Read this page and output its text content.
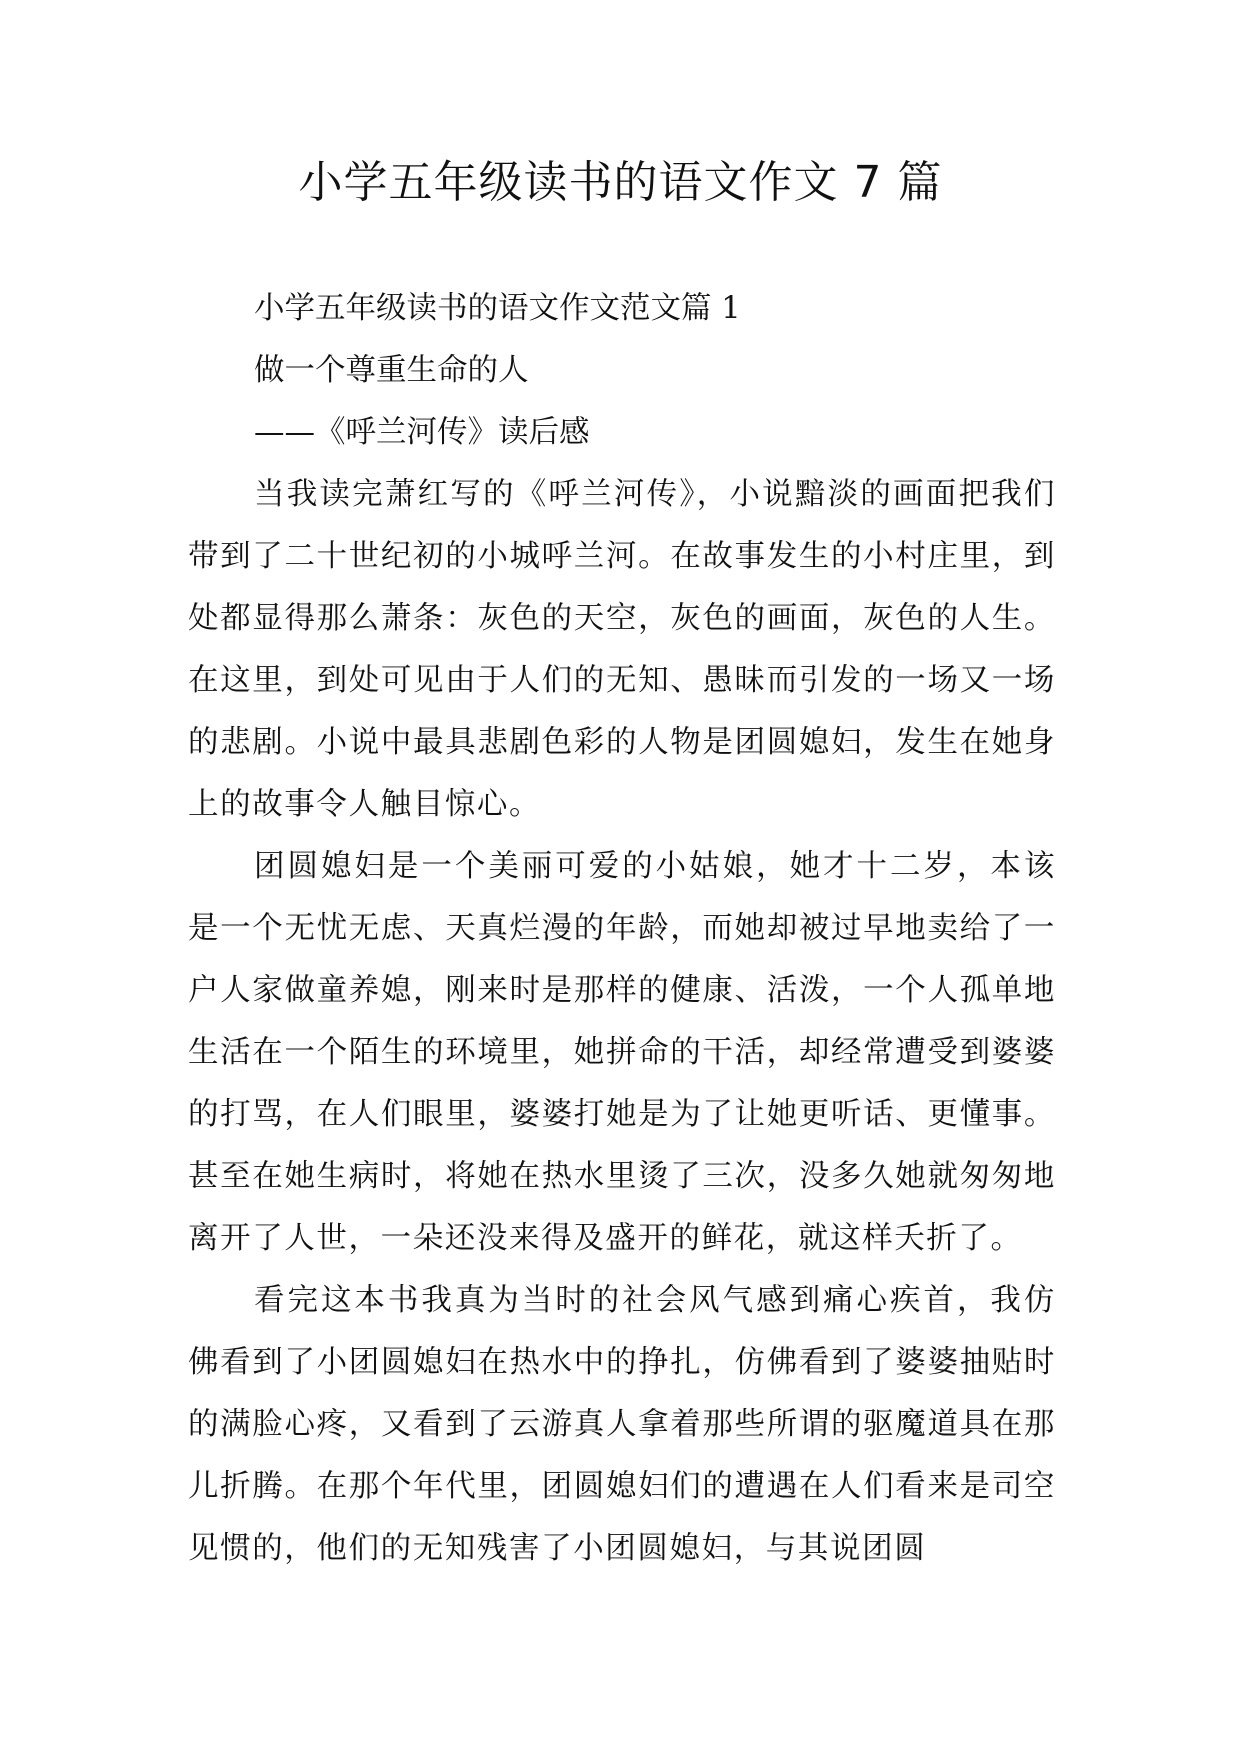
小学五年级读书的语文作文 7 篇

小学五年级读书的语文作文范文篇 1

做一个尊重生命的人

——《呼兰河传》读后感

当我读完萧红写的《呼兰河传》，小说黯淡的画面把我们带到了二十世纪初的小城呼兰河。在故事发生的小村庄里，到处都显得那么萧条：灰色的天空，灰色的画面，灰色的人生。在这里，到处可见由于人们的无知、愚昧而引发的一场又一场的悲剧。小说中最具悲剧色彩的人物是团圆媳妇，发生在她身上的故事令人触目惊心。

团圆媳妇是一个美丽可爱的小姑娘，她才十二岁，本该是一个无忧无虑、天真烂漫的年龄，而她却被过早地卖给了一户人家做童养媳，刚来时是那样的健康、活泼，一个人孤单地生活在一个陌生的环境里，她拼命的干活，却经常遭受到婆婆的打骂，在人们眼里，婆婆打她是为了让她更听话、更懂事。甚至在她生病时，将她在热水里烫了三次，没多久她就匆匆地离开了人世，一朵还没来得及盛开的鲜花，就这样夭折了。

看完这本书我真为当时的社会风气感到痛心疾首，我仿佛看到了小团圆媳妇在热水中的挣扎，仿佛看到了婆婆抽贴时的满脸心疼，又看到了云游真人拿着那些所谓的驱魔道具在那儿折腾。在那个年代里，团圆媳妇们的遭遇在人们看来是司空见惯的，他们的无知残害了小团圆媳妇，与其说团圆
